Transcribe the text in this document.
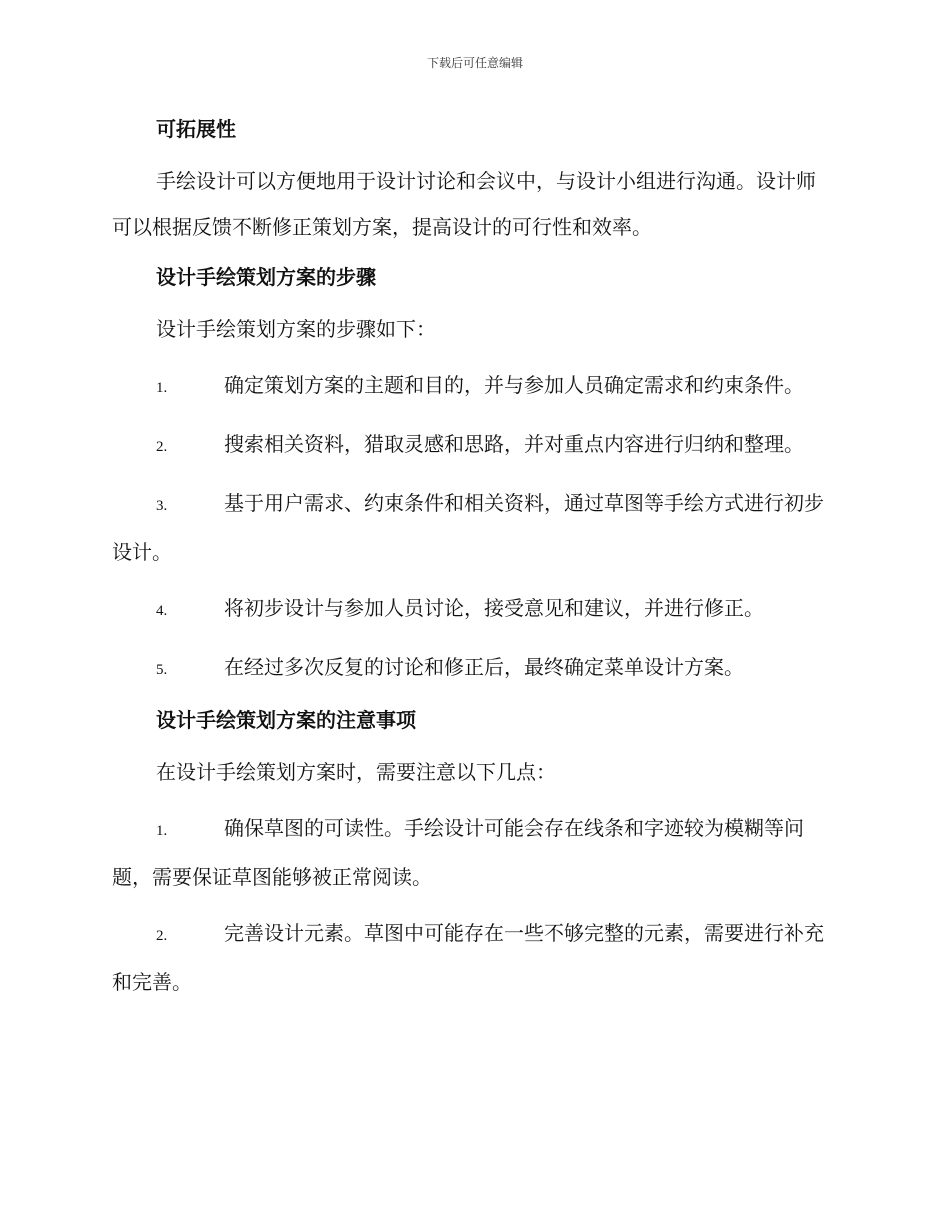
下载后可任意编辑
可拓展性
手绘设计可以方便地用于设计讨论和会议中，与设计小组进行沟通。设计师可以根据反馈不断修正策划方案，提高设计的可行性和效率。
设计手绘策划方案的步骤
设计手绘策划方案的步骤如下：
1.	确定策划方案的主题和目的，并与参加人员确定需求和约束条件。
2.	搜索相关资料，猎取灵感和思路，并对重点内容进行归纳和整理。
3.	基于用户需求、约束条件和相关资料，通过草图等手绘方式进行初步设计。
4.	将初步设计与参加人员讨论，接受意见和建议，并进行修正。
5.	在经过多次反复的讨论和修正后，最终确定菜单设计方案。
设计手绘策划方案的注意事项
在设计手绘策划方案时，需要注意以下几点：
1.	确保草图的可读性。手绘设计可能会存在线条和字迹较为模糊等问题，需要保证草图能够被正常阅读。
2.	完善设计元素。草图中可能存在一些不够完整的元素，需要进行补充和完善。
